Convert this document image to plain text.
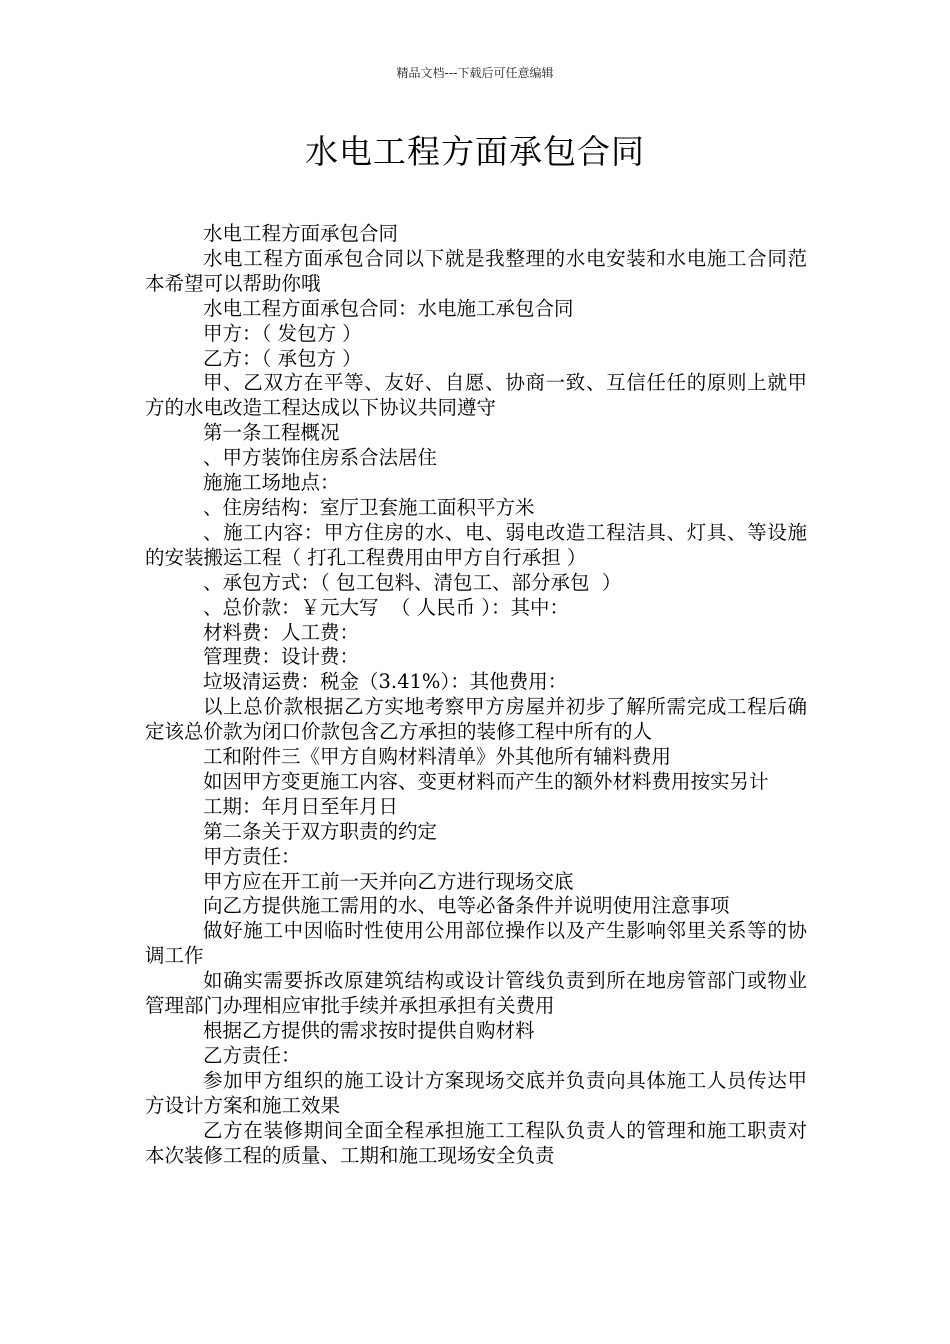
精品文档---下载后可任意编辑
水电工程方面承包合同

水电工程方面承包合同

水电工程方面承包合同以下就是我整理的水电安装和水电施工合同范本希望可以帮助你哦

水电工程方面承包合同：水电施工承包合同

甲方：（ 发包方 ）

乙方：（ 承包方 ）

甲、乙双方在平等、友好、自愿、协商一致、互信任任的原则上就甲方的水电改造工程达成以下协议共同遵守

第一条工程概况

、甲方装饰住房系合法居住

施施工场地点：

、住房结构：室厅卫套施工面积平方米

、施工内容：甲方住房的水、电、弱电改造工程洁具、灯具、等设施的安装搬运工程（ 打孔工程费用由甲方自行承担 ）

、承包方式：（ 包工包料、清包工、部分承包  ）

、总价款：￥元大写  （ 人民币 ）：其中：

材料费：人工费：

管理费：设计费：

垃圾清运费：税金（3.41%）：其他费用：

以上总价款根据乙方实地考察甲方房屋并初步了解所需完成工程后确定该总价款为闭口价款包含乙方承担的装修工程中所有的人

工和附件三《甲方自购材料清单》外其他所有辅料费用

如因甲方变更施工内容、变更材料而产生的额外材料费用按实另计

工期：年月日至年月日

第二条关于双方职责的约定

甲方责任：

甲方应在开工前一天并向乙方进行现场交底

向乙方提供施工需用的水、电等必备条件并说明使用注意事项

做好施工中因临时性使用公用部位操作以及产生影响邻里关系等的协调工作

如确实需要拆改原建筑结构或设计管线负责到所在地房管部门或物业管理部门办理相应审批手续并承担承担有关费用

根据乙方提供的需求按时提供自购材料

乙方责任：

参加甲方组织的施工设计方案现场交底并负责向具体施工人员传达甲方设计方案和施工效果

乙方在装修期间全面全程承担施工工程队负责人的管理和施工职责对本次装修工程的质量、工期和施工现场安全负责
